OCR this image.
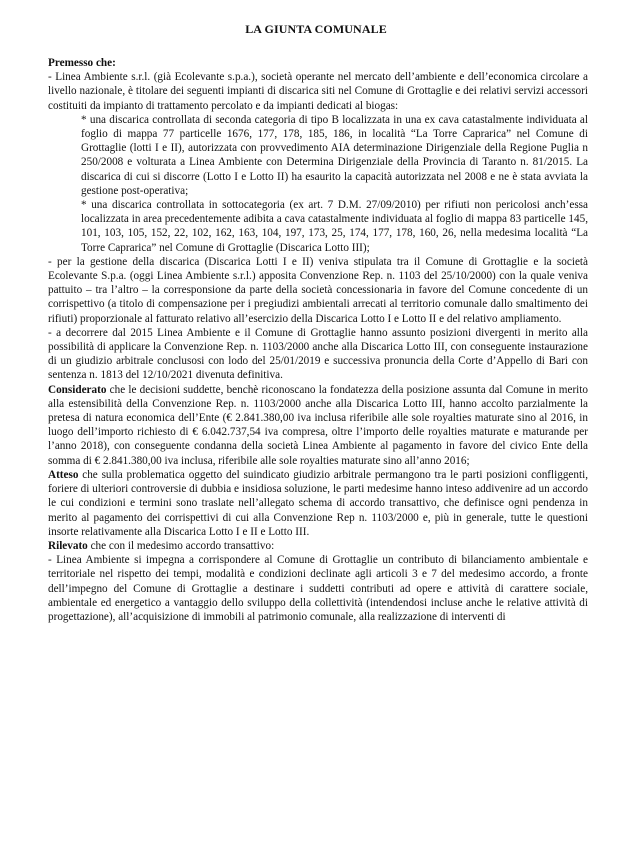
LA GIUNTA COMUNALE

Premesso che:

- Linea Ambiente s.r.l. (già Ecolevante s.p.a.), società operante nel mercato dell’ambiente e dell’economica circolare a livello nazionale, è titolare dei seguenti impianti di discarica siti nel Comune di Grottaglie e dei relativi servizi accessori costituiti da impianto di trattamento percolato e da impianti dedicati al biogas:

* una discarica controllata di seconda categoria di tipo B localizzata in una ex cava catastalmente individuata al foglio di mappa 77 particelle 1676, 177, 178, 185, 186, in località “La Torre Caprarica” nel Comune di Grottaglie (lotti I e II), autorizzata con provvedimento AIA determinazione Dirigenziale della Regione Puglia n 250/2008 e volturata a Linea Ambiente con Determina Dirigenziale della Provincia di Taranto n. 81/2015. La discarica di cui si discorre (Lotto I e Lotto II) ha esaurito la capacità autorizzata nel 2008 e ne è stata avviata la gestione post-operativa;

* una discarica controllata in sottocategoria (ex art. 7 D.M. 27/09/2010) per rifiuti non pericolosi anch’essa localizzata in area precedentemente adibita a cava catastalmente individuata al foglio di mappa 83 particelle 145, 101, 103, 105, 152, 22, 102, 162, 163, 104, 197, 173, 25, 174, 177, 178, 160, 26, nella medesima località “La Torre Caprarica” nel Comune di Grottaglie (Discarica Lotto III);

- per la gestione della discarica (Discarica Lotti I e II) veniva stipulata tra il Comune di Grottaglie e la società Ecolevante S.p.a. (oggi Linea Ambiente s.r.l.) apposita Convenzione Rep. n. 1103 del 25/10/2000) con la quale veniva pattuito – tra l’altro – la corresponsione da parte della società concessionaria in favore del Comune concedente di un corrispettivo (a titolo di compensazione per i pregiudizi ambientali arrecati al territorio comunale dallo smaltimento dei rifiuti) proporzionale al fatturato relativo all’esercizio della Discarica Lotto I e Lotto II e del relativo ampliamento.

- a decorrere dal 2015 Linea Ambiente e il Comune di Grottaglie hanno assunto posizioni divergenti in merito alla possibilità di applicare la Convenzione Rep. n. 1103/2000 anche alla Discarica Lotto III, con conseguente instaurazione di un giudizio arbitrale conclusosi con lodo del 25/01/2019 e successiva pronuncia della Corte d’Appello di Bari con sentenza n. 1813 del 12/10/2021 divenuta definitiva.

Considerato che le decisioni suddette, benchè riconoscano la fondatezza della posizione assunta dal Comune in merito alla estensibilità della Convenzione Rep. n. 1103/2000 anche alla Discarica Lotto III, hanno accolto parzialmente la pretesa di natura economica dell’Ente (€ 2.841.380,00 iva inclusa riferibile alle sole royalties maturate sino al 2016, in luogo dell’importo richiesto di € 6.042.737,54 iva compresa, oltre l’importo delle royalties maturate e maturande per l’anno 2018), con conseguente condanna della società Linea Ambiente al pagamento in favore del civico Ente della somma di € 2.841.380,00 iva inclusa, riferibile alle sole royalties maturate sino all’anno 2016;

Atteso che sulla problematica oggetto del suindicato giudizio arbitrale permangono tra le parti posizioni confliggenti, foriere di ulteriori controversie di dubbia e insidiosa soluzione, le parti medesime hanno inteso addivenire ad un accordo le cui condizioni e termini sono traslate nell’allegato schema di accordo transattivo, che definisce ogni pendenza in merito al pagamento dei corrispettivi di cui alla Convenzione Rep n. 1103/2000 e, più in generale, tutte le questioni insorte relativamente alla Discarica Lotto I e II e Lotto III.

Rilevato che con il medesimo accordo transattivo:

- Linea Ambiente si impegna a corrispondere al Comune di Grottaglie un contributo di bilanciamento ambientale e territoriale nel rispetto dei tempi, modalità e condizioni declinate agli articoli 3 e 7 del medesimo accordo, a fronte dell’impegno del Comune di Grottaglie a destinare i suddetti contributi ad opere e attività di carattere sociale, ambientale ed energetico a vantaggio dello sviluppo della collettività (intendendosi incluse anche le relative attività di progettazione), all’acquisizione di immobili al patrimonio comunale, alla realizzazione di interventi di
